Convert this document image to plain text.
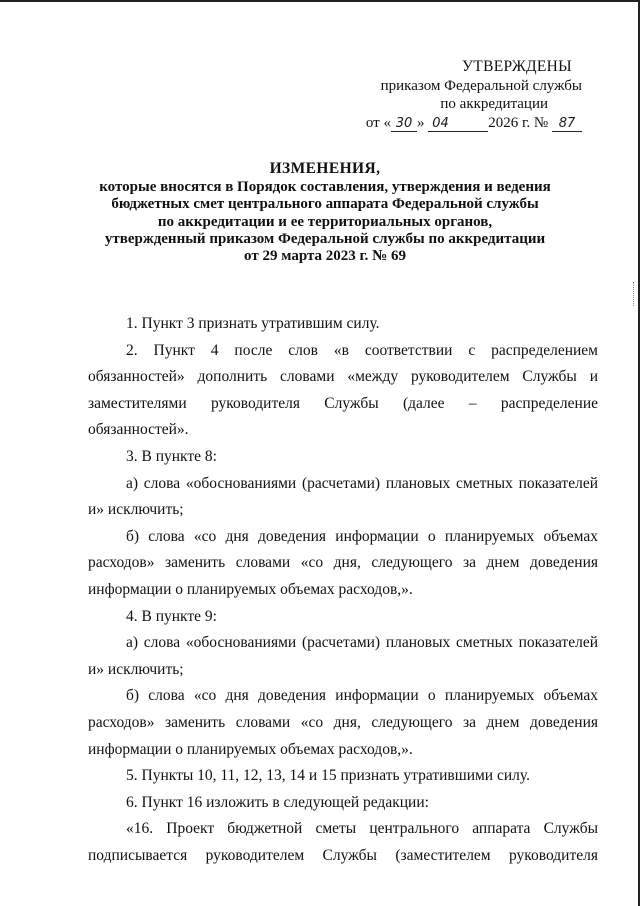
УТВЕРЖДЕНЫ
приказом Федеральной службы
по аккредитации
от « 30 » 04	2026 г. № 87
ИЗМЕНЕНИЯ,
которые вносятся в Порядок составления, утверждения и ведения
бюджетных смет центрального аппарата Федеральной службы
по аккредитации и ее территориальных органов,
утвержденный приказом Федеральной службы по аккредитации
от 29 марта 2023 г. № 69

1. Пункт 3 признать утратившим силу.

2. Пункт 4 после слов «в соответствии с распределением обязанностей» дополнить словами «между руководителем Службы и заместителями руководителя Службы (далее – распределение обязанностей».

3. В пункте 8:

а) слова «обоснованиями (расчетами) плановых сметных показателей и» исключить;

б) слова «со дня доведения информации о планируемых объемах расходов» заменить словами «со дня, следующего за днем доведения информации о планируемых объемах расходов,».

4. В пункте 9:

а) слова «обоснованиями (расчетами) плановых сметных показателей и» исключить;

б) слова «со дня доведения информации о планируемых объемах расходов» заменить словами «со дня, следующего за днем доведения информации о планируемых объемах расходов,».

5. Пункты 10, 11, 12, 13, 14 и 15 признать утратившими силу.

6. Пункт 16 изложить в следующей редакции:

«16. Проект бюджетной сметы центрального аппарата Службы подписывается руководителем Службы (заместителем руководителя
